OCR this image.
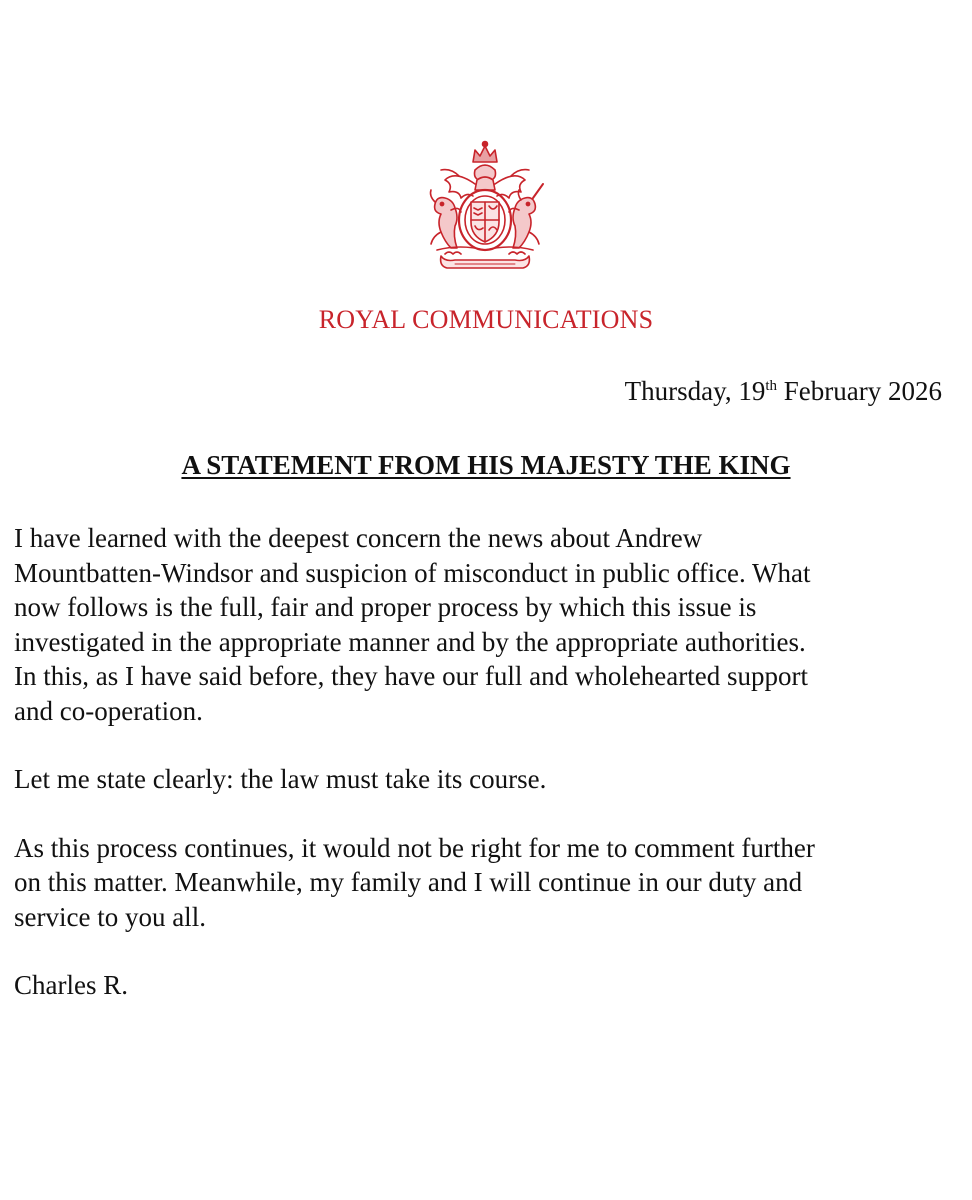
ROYAL COMMUNICATIONS
Thursday, 19th February 2026
A STATEMENT FROM HIS MAJESTY THE KING

I have learned with the deepest concern the news about Andrew
Mountbatten-Windsor and suspicion of misconduct in public office. What
now follows is the full, fair and proper process by which this issue is
investigated in the appropriate manner and by the appropriate authorities.
In this, as I have said before, they have our full and wholehearted support
and co-operation.

Let me state clearly: the law must take its course.

As this process continues, it would not be right for me to comment further
on this matter. Meanwhile, my family and I will continue in our duty and
service to you all.

Charles R.
